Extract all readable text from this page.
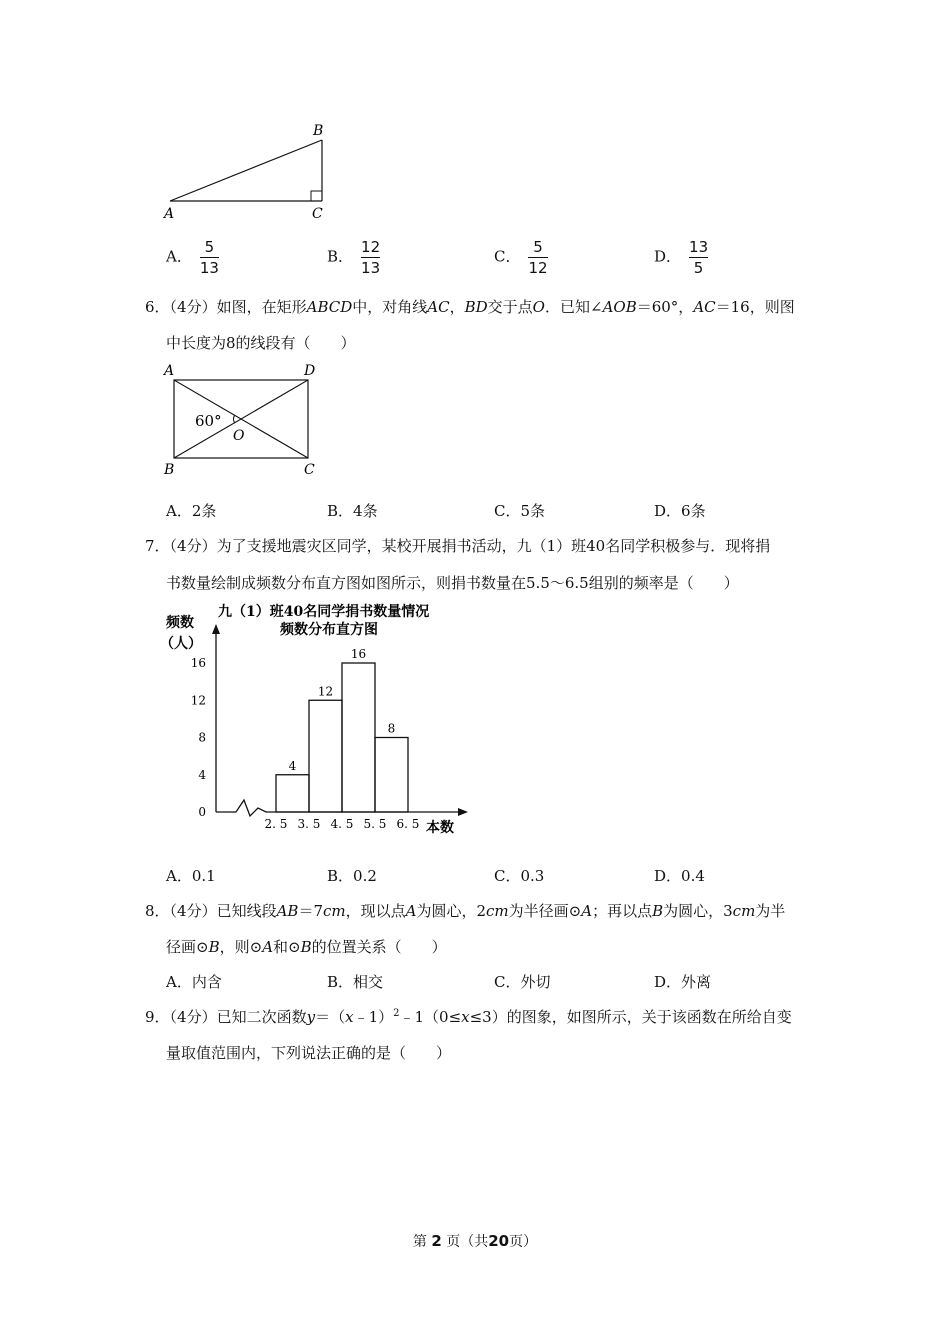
B
A	C
A． $\frac{5}{13}$	B． $\frac{12}{13}$	C． $\frac{5}{12}$	D． $\frac{13}{5}$
6．（4分）如图，在矩形ABCD中，对角线AC，BD交于点O．已知∠AOB＝60°，AC＝16，则图
中长度为8的线段有（　　）
A	D
B	C
O
60°
A．2条	B．4条	C．5条	D．6条
7．（4分）为了支援地震灾区同学，某校开展捐书活动，九（1）班40名同学积极参与．现将捐
书数量绘制成频数分布直方图如图所示，则捐书数量在5.5～6.5组别的频率是（　　）
九（1）班40名同学捐书数量情况
频数分布直方图
频数
（人）
本数
0
4
8
12
16
2. 5 3. 5 4. 5 5. 5 6. 5
4
12
16
8
A．0.1	B．0.2	C．0.3	D．0.4
8．（4分）已知线段AB＝7cm，现以点A为圆心，2cm为半径画⊙A；再以点B为圆心，3cm为半
径画⊙B，则⊙A和⊙B的位置关系（　　）
A．内含	B．相交	C．外切	D．外离
9．（4分）已知二次函数y＝（x﹣1）$^2$﹣1（0≤x≤3）的图象，如图所示，关于该函数在所给自变
量取值范围内，下列说法正确的是（　　）
第 2 页（共20页）
